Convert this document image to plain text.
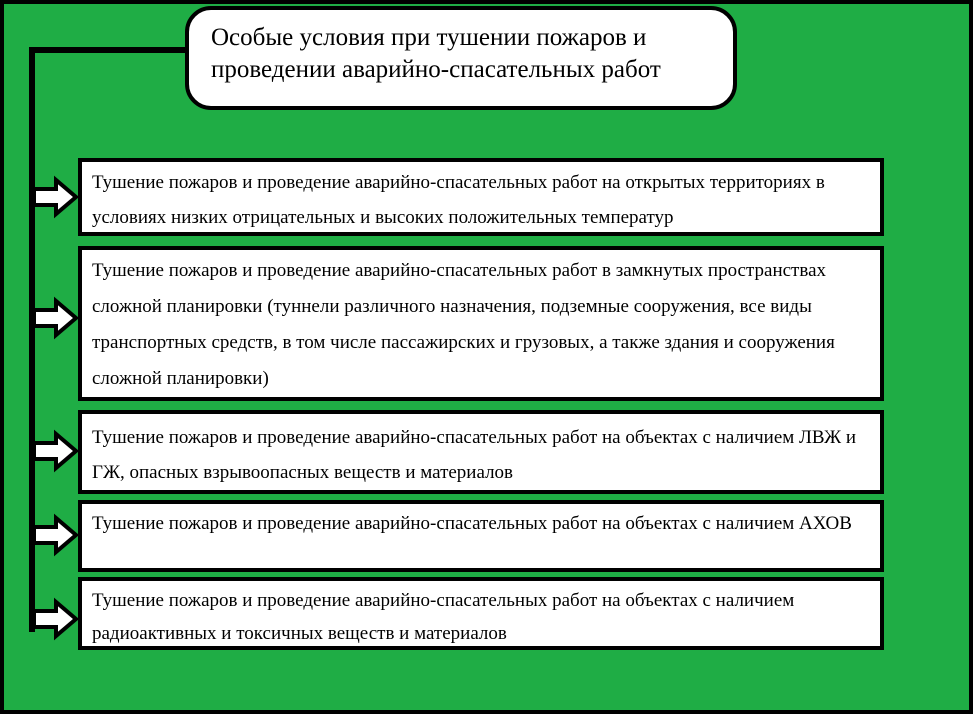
Особые условия при тушении пожаров и проведении аварийно-спасательных работ
Тушение пожаров и проведение аварийно-спасательных работ на открытых территориях в условиях низких отрицательных и высоких положительных температур
Тушение пожаров и проведение аварийно-спасательных работ в замкнутых пространствах сложной планировки (туннели различного назначения, подземные сооружения, все виды транспортных средств, в том числе пассажирских и грузовых, а также здания и сооружения сложной планировки)
Тушение пожаров и проведение аварийно-спасательных работ на объектах с наличием ЛВЖ и ГЖ, опасных взрывоопасных веществ и материалов
Тушение пожаров и проведение аварийно-спасательных работ на объектах с наличием АХОВ
Тушение пожаров и проведение аварийно-спасательных работ на объектах с наличием радиоактивных и токсичных веществ и материалов
